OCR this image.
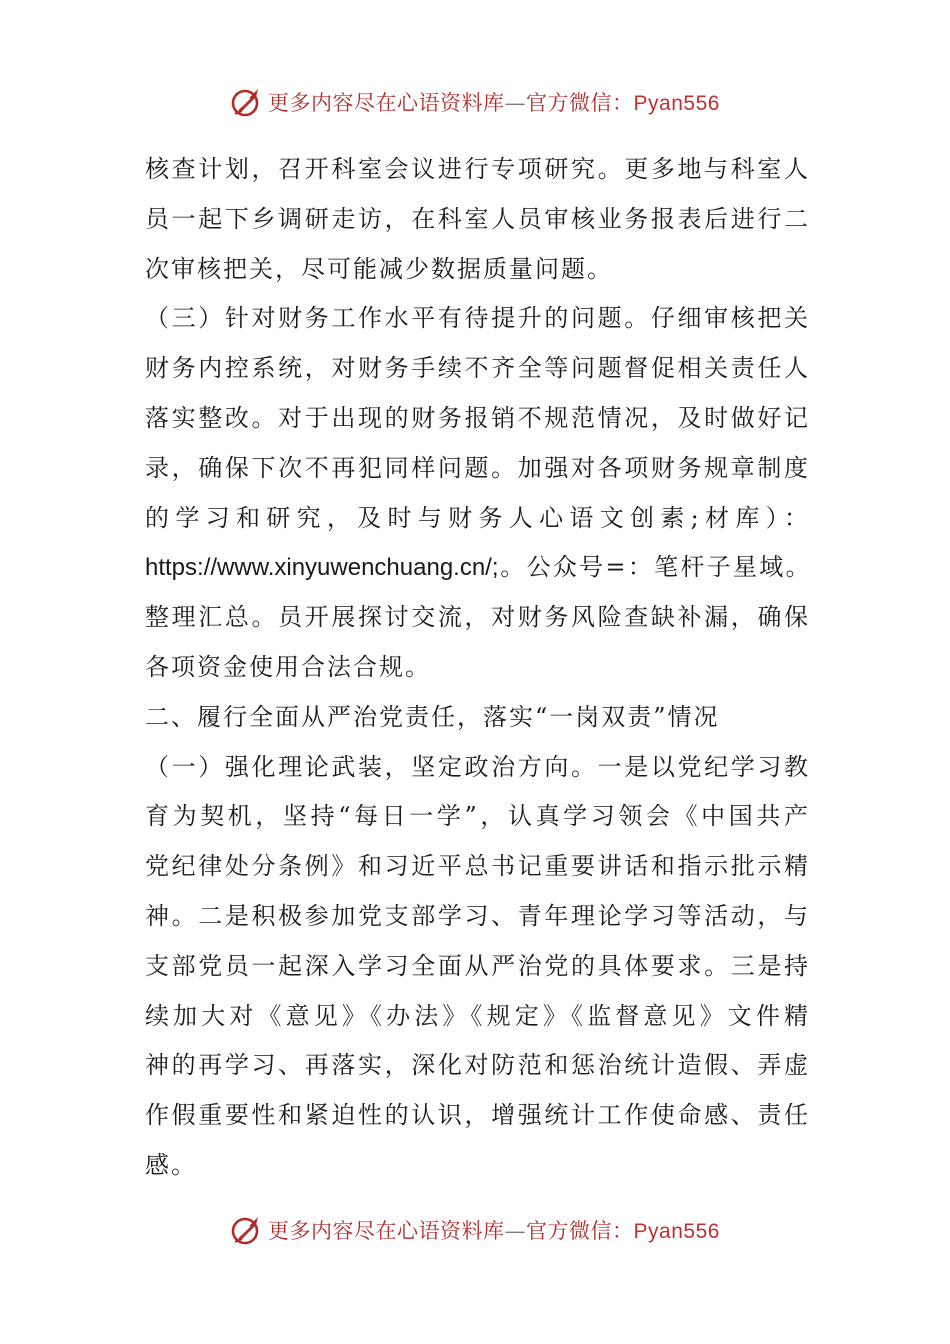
更多内容尽在心语资料库—官方微信：Pyan556
核查计划，召开科室会议进行专项研究。更多地与科室人
员一起下乡调研走访，在科室人员审核业务报表后进行二
次审核把关，尽可能减少数据质量问题。
（三）针对财务工作水平有待提升的问题。仔细审核把关
财务内控系统，对财务手续不齐全等问题督促相关责任人
落实整改。对于出现的财务报销不规范情况，及时做好记
录，确保下次不再犯同样问题。加强对各项财务规章制度
的学习和研究，及时与财务人心语文创素;材库）：
https://www.xinyuwenchuang.cn/;。公众号=：笔杆子星域。
整理汇总。员开展探讨交流，对财务风险查缺补漏，确保
各项资金使用合法合规。
二、履行全面从严治党责任，落实“一岗双责”情况
（一）强化理论武装，坚定政治方向。一是以党纪学习教
育为契机，坚持“每日一学”，认真学习领会《中国共产
党纪律处分条例》和习近平总书记重要讲话和指示批示精
神。二是积极参加党支部学习、青年理论学习等活动，与
支部党员一起深入学习全面从严治党的具体要求。三是持
续加大对《意见》《办法》《规定》《监督意见》文件精
神的再学习、再落实，深化对防范和惩治统计造假、弄虚
作假重要性和紧迫性的认识，增强统计工作使命感、责任
感。
更多内容尽在心语资料库—官方微信：Pyan556
